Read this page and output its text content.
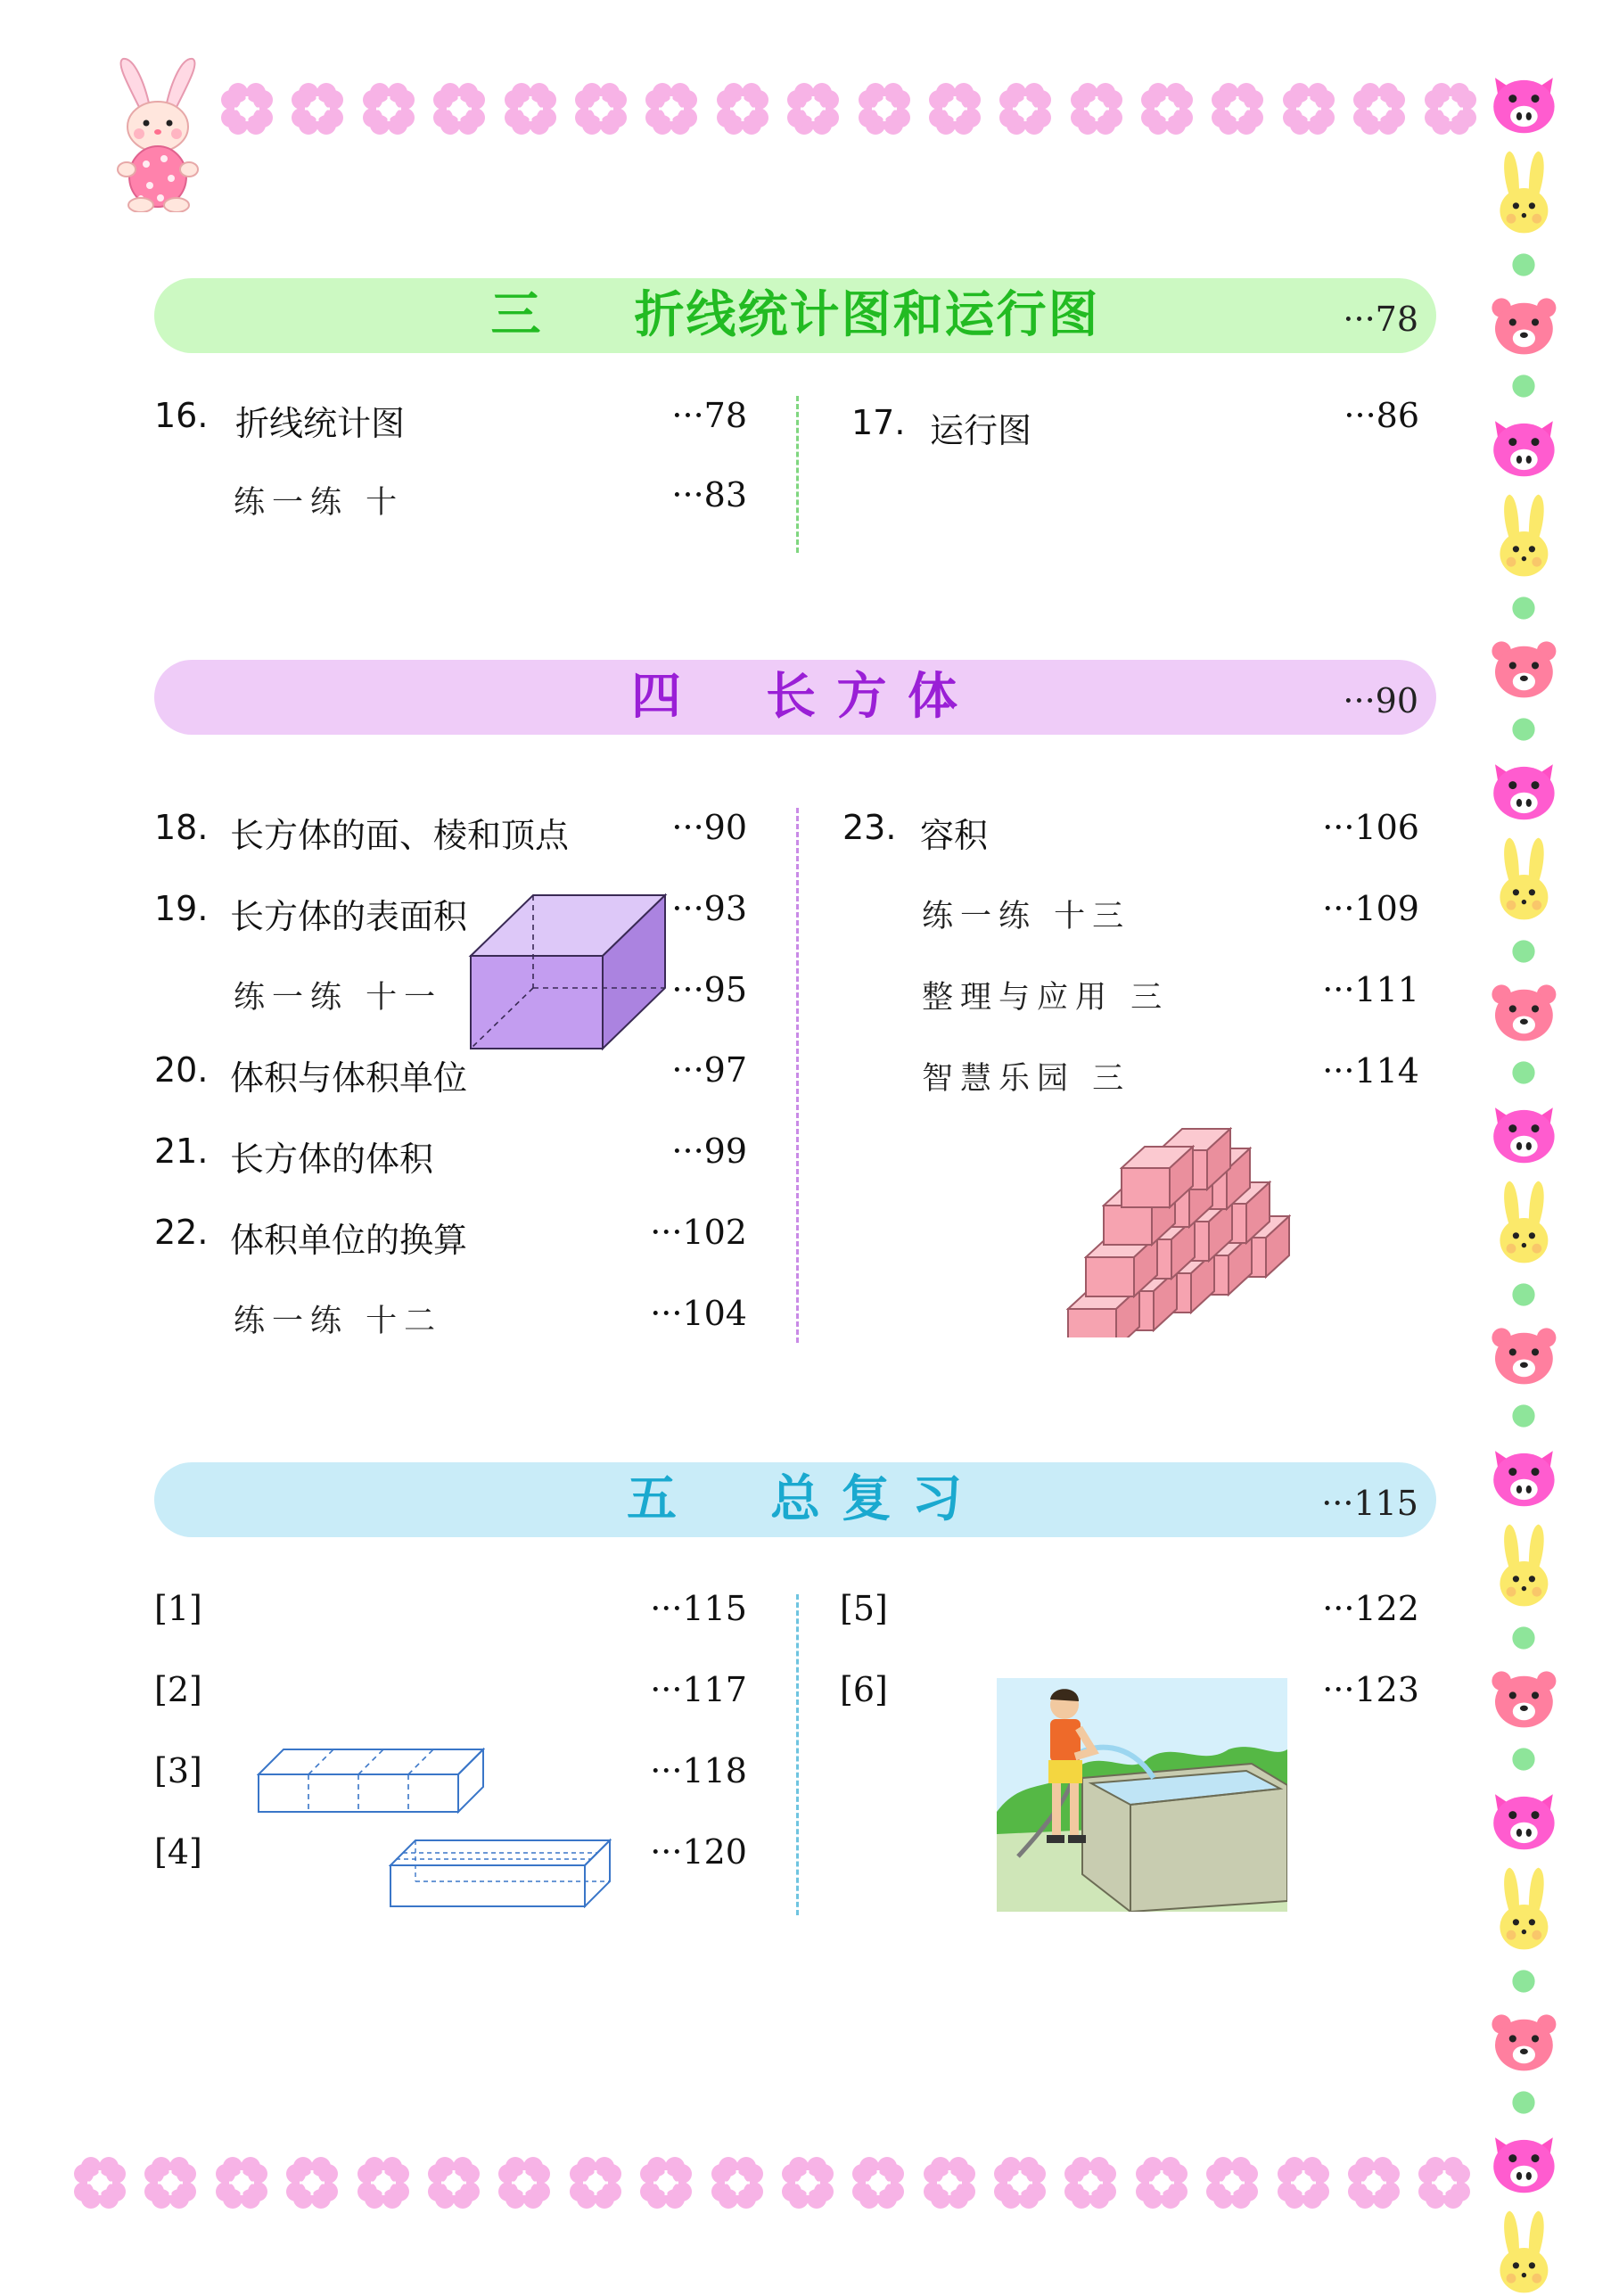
三 折线统计图和运行图	···78
16. 折线统计图	···78
练一练 十	···83
17. 运行图	···86
四 长 方 体	···90
18. 长方体的面、棱和顶点	···90
19. 长方体的表面积	···93
练一练 十一	···95
20. 体积与体积单位	···97
21. 长方体的体积	···99
22. 体积单位的换算	···102
练一练 十二	···104
23. 容积	···106
练一练 十三	···109
整理与应用 三	···111
智慧乐园 三	···114
五 总 复 习	···115
[1]	···115
[2]	···117
[3]	···118
[4]	···120
[5]	···122
[6]	···123
